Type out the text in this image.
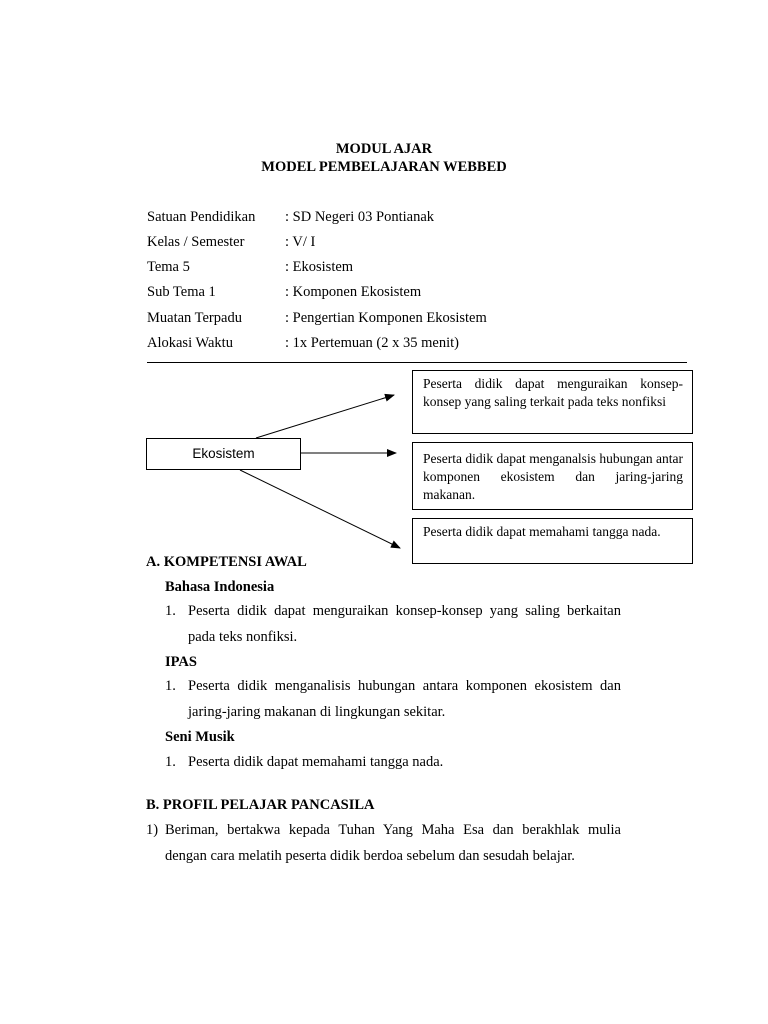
MODUL AJAR
MODEL PEMBELAJARAN WEBBED
Satuan Pendidikan : SD Negeri 03 Pontianak
Kelas / Semester	: V/ I
Tema 5	: Ekosistem
Sub Tema 1	: Komponen Ekosistem
Muatan Terpadu	: Pengertian Komponen Ekosistem
Alokasi Waktu	: 1x Pertemuan (2 x 35 menit)
Ekosistem
Peserta didik dapat menguraikan konsep-konsep yang saling terkait pada teks nonfiksi
Peserta didik dapat menganalsis hubungan antar komponen ekosistem dan jaring-jaring makanan.
Peserta didik dapat memahami tangga nada.
A. KOMPETENSI AWAL
Bahasa Indonesia
1. Peserta didik dapat menguraikan konsep-konsep yang saling berkaitan pada teks nonfiksi.
IPAS
1. Peserta didik menganalisis hubungan antara komponen ekosistem dan jaring-jaring makanan di lingkungan sekitar.
Seni Musik
1. Peserta didik dapat memahami tangga nada.
B. PROFIL PELAJAR PANCASILA
1) Beriman, bertakwa kepada Tuhan Yang Maha Esa dan berakhlak mulia dengan cara melatih peserta didik berdoa sebelum dan sesudah belajar.
